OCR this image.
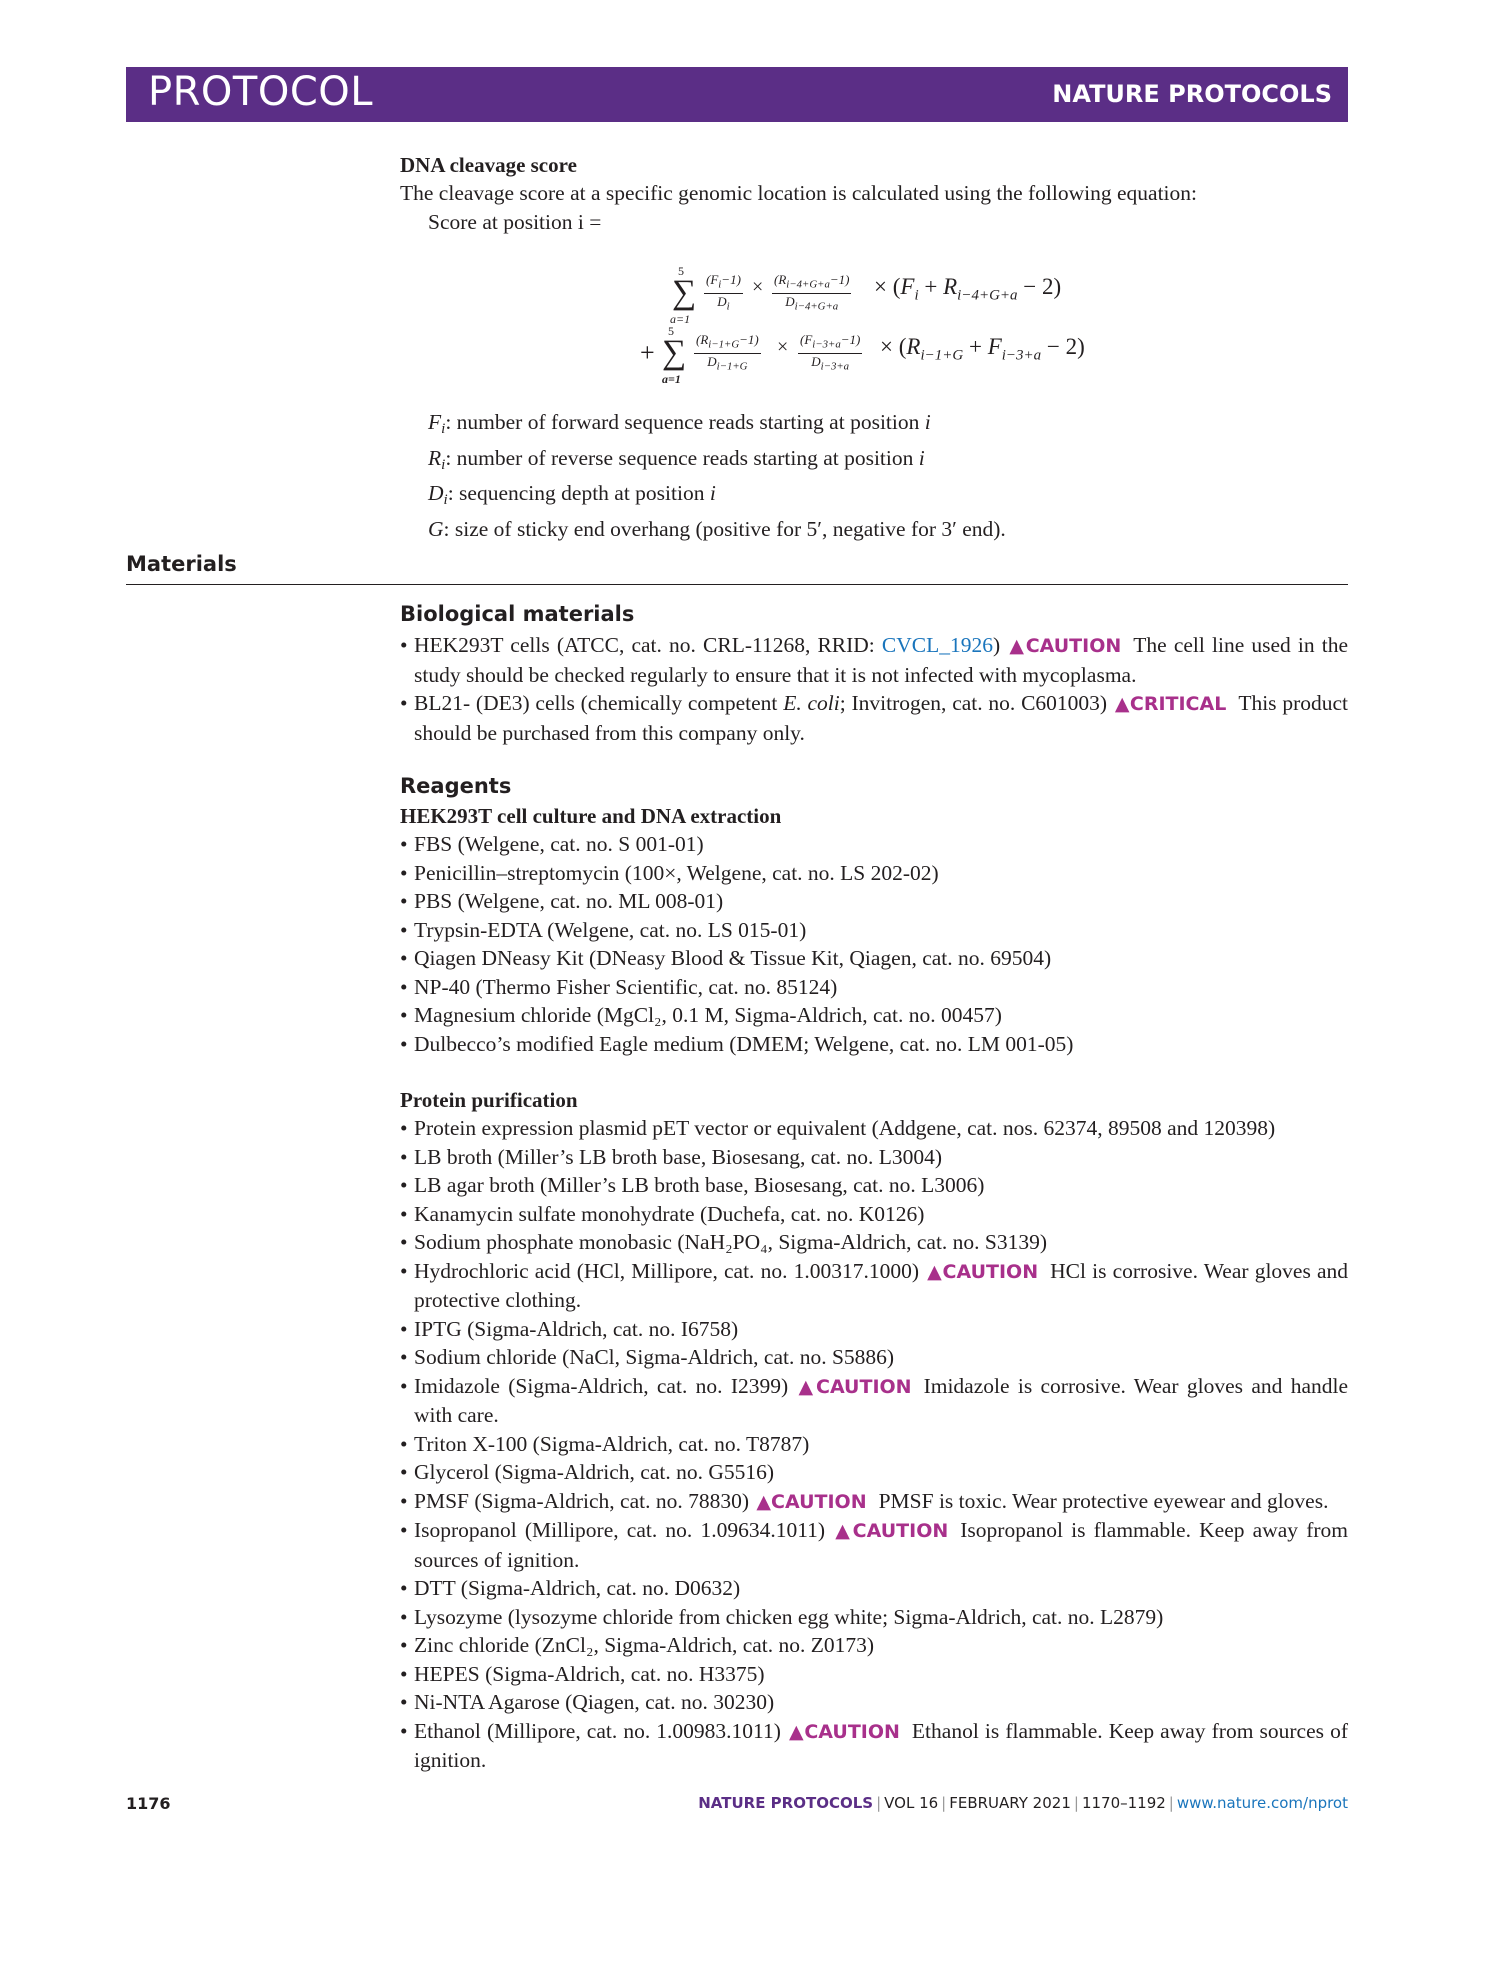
PROTOCOL	NATURE PROTOCOLS
DNA cleavage score
The cleavage score at a specific genomic location is calculated using the following equation:
Score at position i =
5
∑
a=1
$\frac{(F_i-1)}{D_i} \times \frac{(R_{i-4+G+a}-1)}{D_{i-4+G+a}} \times (F_i + R_{i-4+G+a} - 2)$
+
5
∑
a=1
$\frac{(R_{i-1+G}-1)}{D_{i-1+G}} \times \frac{(F_{i-3+a}-1)}{D_{i-3+a}} \times (R_{i-1+G} + F_{i-3+a} - 2)$
Fi: number of forward sequence reads starting at position i
Ri: number of reverse sequence reads starting at position i
Di: sequencing depth at position i
G: size of sticky end overhang (positive for 5′, negative for 3′ end).
Materials
Biological materials
• HEK293T cells (ATCC, cat. no. CRL-11268, RRID: CVCL_1926) ▲CAUTION The cell line used in the study should be checked regularly to ensure that it is not infected with mycoplasma.
• BL21- (DE3) cells (chemically competent E. coli; Invitrogen, cat. no. C601003) ▲CRITICAL This product should be purchased from this company only.
Reagents
HEK293T cell culture and DNA extraction
• FBS (Welgene, cat. no. S 001-01)
• Penicillin–streptomycin (100×, Welgene, cat. no. LS 202-02)
• PBS (Welgene, cat. no. ML 008-01)
• Trypsin-EDTA (Welgene, cat. no. LS 015-01)
• Qiagen DNeasy Kit (DNeasy Blood & Tissue Kit, Qiagen, cat. no. 69504)
• NP-40 (Thermo Fisher Scientific, cat. no. 85124)
• Magnesium chloride (MgCl₂, 0.1 M, Sigma-Aldrich, cat. no. 00457)
• Dulbecco’s modified Eagle medium (DMEM; Welgene, cat. no. LM 001-05)
Protein purification
• Protein expression plasmid pET vector or equivalent (Addgene, cat. nos. 62374, 89508 and 120398)
• LB broth (Miller’s LB broth base, Biosesang, cat. no. L3004)
• LB agar broth (Miller’s LB broth base, Biosesang, cat. no. L3006)
• Kanamycin sulfate monohydrate (Duchefa, cat. no. K0126)
• Sodium phosphate monobasic (NaH₂PO₄, Sigma-Aldrich, cat. no. S3139)
• Hydrochloric acid (HCl, Millipore, cat. no. 1.00317.1000) ▲CAUTION HCl is corrosive. Wear gloves and protective clothing.
• IPTG (Sigma-Aldrich, cat. no. I6758)
• Sodium chloride (NaCl, Sigma-Aldrich, cat. no. S5886)
• Imidazole (Sigma-Aldrich, cat. no. I2399) ▲CAUTION Imidazole is corrosive. Wear gloves and handle with care.
• Triton X-100 (Sigma-Aldrich, cat. no. T8787)
• Glycerol (Sigma-Aldrich, cat. no. G5516)
• PMSF (Sigma-Aldrich, cat. no. 78830) ▲CAUTION PMSF is toxic. Wear protective eyewear and gloves.
• Isopropanol (Millipore, cat. no. 1.09634.1011) ▲CAUTION Isopropanol is flammable. Keep away from sources of ignition.
• DTT (Sigma-Aldrich, cat. no. D0632)
• Lysozyme (lysozyme chloride from chicken egg white; Sigma-Aldrich, cat. no. L2879)
• Zinc chloride (ZnCl₂, Sigma-Aldrich, cat. no. Z0173)
• HEPES (Sigma-Aldrich, cat. no. H3375)
• Ni-NTA Agarose (Qiagen, cat. no. 30230)
• Ethanol (Millipore, cat. no. 1.00983.1011) ▲CAUTION Ethanol is flammable. Keep away from sources of ignition.
1176	NATURE PROTOCOLS | VOL 16 | FEBRUARY 2021 | 1170–1192 | www.nature.com/nprot
